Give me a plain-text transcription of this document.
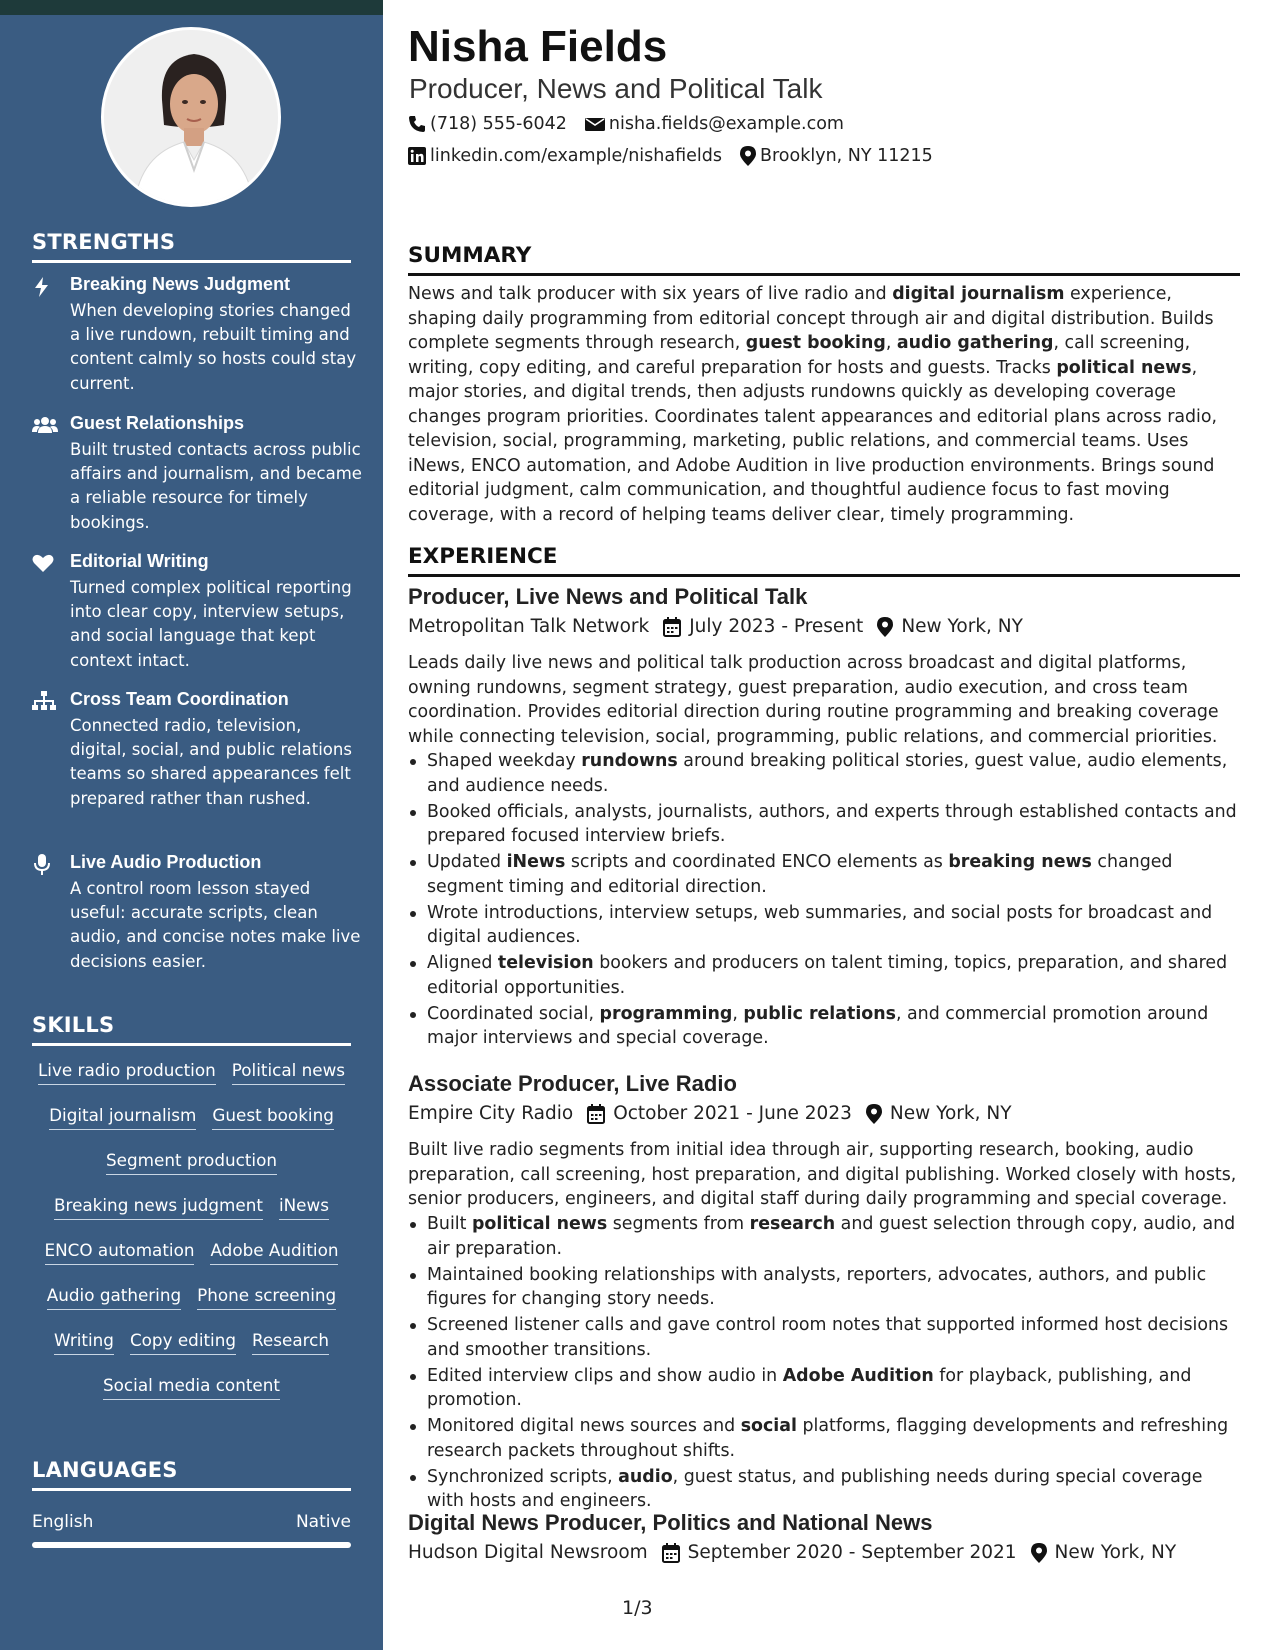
STRENGTHS
Breaking News Judgment
When developing stories changed a live rundown, rebuilt timing and content calmly so hosts could stay current.
Guest Relationships
Built trusted contacts across public affairs and journalism, and became a reliable resource for timely bookings.
Editorial Writing
Turned complex political reporting into clear copy, interview setups, and social language that kept context intact.
Cross Team Coordination
Connected radio, television, digital, social, and public relations teams so shared appearances felt prepared rather than rushed.
Live Audio Production
A control room lesson stayed useful: accurate scripts, clean audio, and concise notes make live decisions easier.
SKILLS
Live radio production Political news
Digital journalism Guest booking
Segment production
Breaking news judgment iNews
ENCO automation Adobe Audition
Audio gathering Phone screening
Writing Copy editing Research
Social media content
LANGUAGES
English	Native
Nisha Fields
Producer, News and Political Talk
(718) 555-6042 nisha.fields@example.com
linkedin.com/example/nishafields Brooklyn, NY 11215
SUMMARY
News and talk producer with six years of live radio and digital journalism experience, shaping daily programming from editorial concept through air and digital distribution. Builds complete segments through research, guest booking, audio gathering, call screening, writing, copy editing, and careful preparation for hosts and guests. Tracks political news, major stories, and digital trends, then adjusts rundowns quickly as developing coverage changes program priorities. Coordinates talent appearances and editorial plans across radio, television, social, programming, marketing, public relations, and commercial teams. Uses iNews, ENCO automation, and Adobe Audition in live production environments. Brings sound editorial judgment, calm communication, and thoughtful audience focus to fast moving coverage, with a record of helping teams deliver clear, timely programming.
EXPERIENCE
Producer, Live News and Political Talk
Metropolitan Talk Network July 2023 - Present New York, NY
Leads daily live news and political talk production across broadcast and digital platforms, owning rundowns, segment strategy, guest preparation, audio execution, and cross team coordination. Provides editorial direction during routine programming and breaking coverage while connecting television, social, programming, public relations, and commercial priorities.
Shaped weekday rundowns around breaking political stories, guest value, audio elements, and audience needs.
Booked officials, analysts, journalists, authors, and experts through established contacts and prepared focused interview briefs.
Updated iNews scripts and coordinated ENCO elements as breaking news changed segment timing and editorial direction.
Wrote introductions, interview setups, web summaries, and social posts for broadcast and digital audiences.
Aligned television bookers and producers on talent timing, topics, preparation, and shared editorial opportunities.
Coordinated social, programming, public relations, and commercial promotion around major interviews and special coverage.
Associate Producer, Live Radio
Empire City Radio October 2021 - June 2023 New York, NY
Built live radio segments from initial idea through air, supporting research, booking, audio preparation, call screening, host preparation, and digital publishing. Worked closely with hosts, senior producers, engineers, and digital staff during daily programming and special coverage.
Built political news segments from research and guest selection through copy, audio, and air preparation.
Maintained booking relationships with analysts, reporters, advocates, authors, and public figures for changing story needs.
Screened listener calls and gave control room notes that supported informed host decisions and smoother transitions.
Edited interview clips and show audio in Adobe Audition for playback, publishing, and promotion.
Monitored digital news sources and social platforms, flagging developments and refreshing research packets throughout shifts.
Synchronized scripts, audio, guest status, and publishing needs during special coverage with hosts and engineers.
Digital News Producer, Politics and National News
Hudson Digital Newsroom September 2020 - September 2021 New York, NY
1/3
